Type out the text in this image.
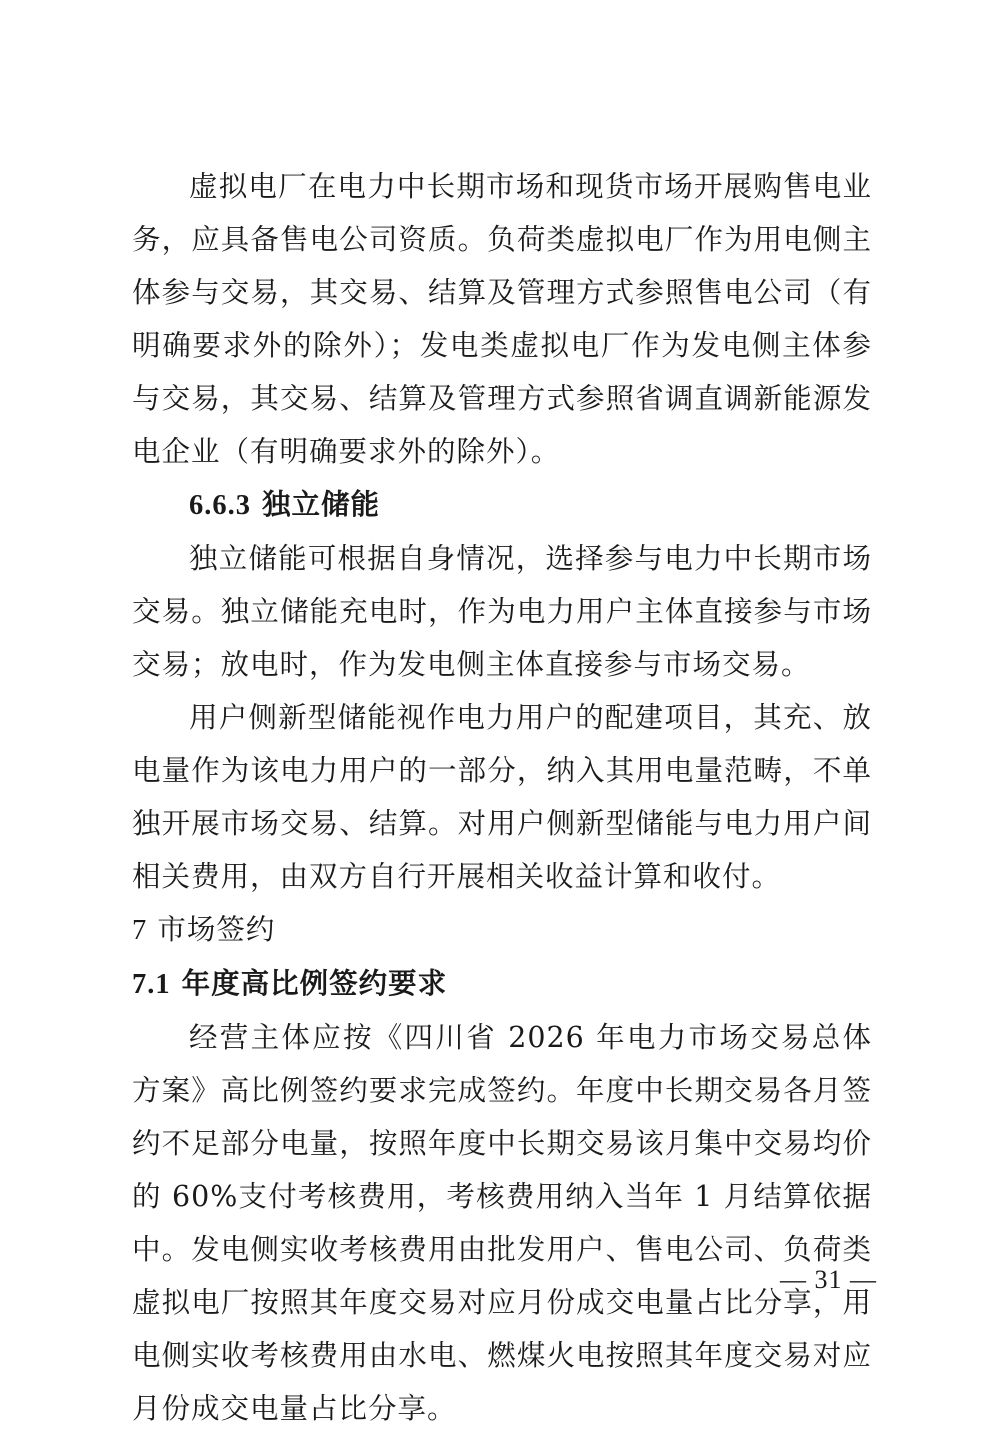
虚拟电厂在电力中长期市场和现货市场开展购售电业务，应具备售电公司资质。负荷类虚拟电厂作为用电侧主体参与交易，其交易、结算及管理方式参照售电公司（有明确要求外的除外）；发电类虚拟电厂作为发电侧主体参与交易，其交易、结算及管理方式参照省调直调新能源发电企业（有明确要求外的除外）。

6.6.3 独立储能

独立储能可根据自身情况，选择参与电力中长期市场交易。独立储能充电时，作为电力用户主体直接参与市场交易；放电时，作为发电侧主体直接参与市场交易。

用户侧新型储能视作电力用户的配建项目，其充、放电量作为该电力用户的一部分，纳入其用电量范畴，不单独开展市场交易、结算。对用户侧新型储能与电力用户间相关费用，由双方自行开展相关收益计算和收付。

7 市场签约
7.1 年度高比例签约要求

经营主体应按《四川省 2026 年电力市场交易总体方案》高比例签约要求完成签约。年度中长期交易各月签约不足部分电量，按照年度中长期交易该月集中交易均价的 60%支付考核费用，考核费用纳入当年 1 月结算依据中。发电侧实收考核费用由批发用户、售电公司、负荷类虚拟电厂按照其年度交易对应月份成交电量占比分享，用电侧实收考核费用由水电、燃煤火电按照其年度交易对应月份成交电量占比分享。

— 31 —
